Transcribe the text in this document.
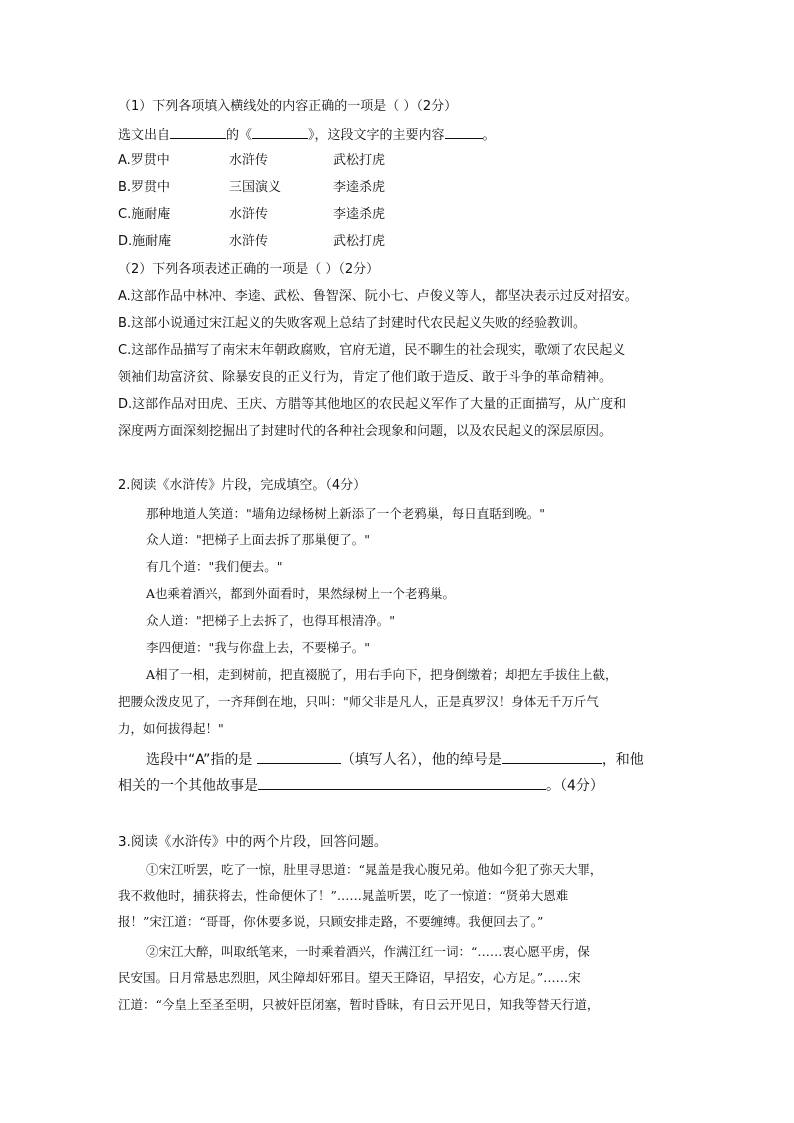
（1）下列各项填入横线处的内容正确的一项是（ ）（2分）
选文出自	的《	》，这段文字的主要内容	。
A.罗贯中	水浒传	武松打虎
B.罗贯中	三国演义	李逵杀虎
C.施耐庵	水浒传	李逵杀虎
D.施耐庵	水浒传	武松打虎
（2）下列各项表述正确的一项是（ ）（2分）
A.这部作品中林冲、李逵、武松、鲁智深、阮小七、卢俊义等人，都坚决表示过反对招安。
B.这部小说通过宋江起义的失败客观上总结了封建时代农民起义失败的经验教训。
C.这部作品描写了南宋末年朝政腐败，官府无道，民不聊生的社会现实，歌颂了农民起义
领袖们劫富济贫、除暴安良的正义行为，肯定了他们敢于造反、敢于斗争的革命精神。
D.这部作品对田虎、王庆、方腊等其他地区的农民起义军作了大量的正面描写，从广度和
深度两方面深刻挖掘出了封建时代的各种社会现象和问题，以及农民起义的深层原因。
2.阅读《水浒传》片段，完成填空。（4分）
那种地道人笑道："墙角边绿杨树上新添了一个老鸦巢，每日直聒到晚。"
众人道："把梯子上面去拆了那巢便了。"
有几个道："我们便去。"
A也乘着酒兴，都到外面看时，果然绿树上一个老鸦巢。
众人道："把梯子上去拆了，也得耳根清净。"
李四便道："我与你盘上去，不要梯子。"
A相了一相，走到树前，把直裰脱了，用右手向下，把身倒缴着；却把左手拔住上截，
把腰众泼皮见了，一齐拜倒在地，只叫："师父非是凡人，正是真罗汉！身体无千万斤气
力，如何拔得起！"
选段中“A”指的是	（填写人名），他的绰号是	，和他
相关的一个其他故事是	。（4分）
3.阅读《水浒传》中的两个片段，回答问题。
①宋江听罢，吃了一惊，肚里寻思道：“晁盖是我心腹兄弟。他如今犯了弥天大罪，
我不救他时，捕获将去，性命便休了！”……晁盖听罢，吃了一惊道：“贤弟大恩难
报！”宋江道：“哥哥，你休要多说，只顾安排走路，不要缠缚。我便回去了。”
②宋江大醉，叫取纸笔来，一时乘着酒兴，作满江红一词：“……衷心愿平虏，保
民安国。日月常悬忠烈胆，风尘障却奸邪目。望天王降诏，早招安，心方足。”……宋
江道：“今皇上至圣至明，只被奸臣闭塞，暂时昏昧，有日云开见日，知我等替天行道，
